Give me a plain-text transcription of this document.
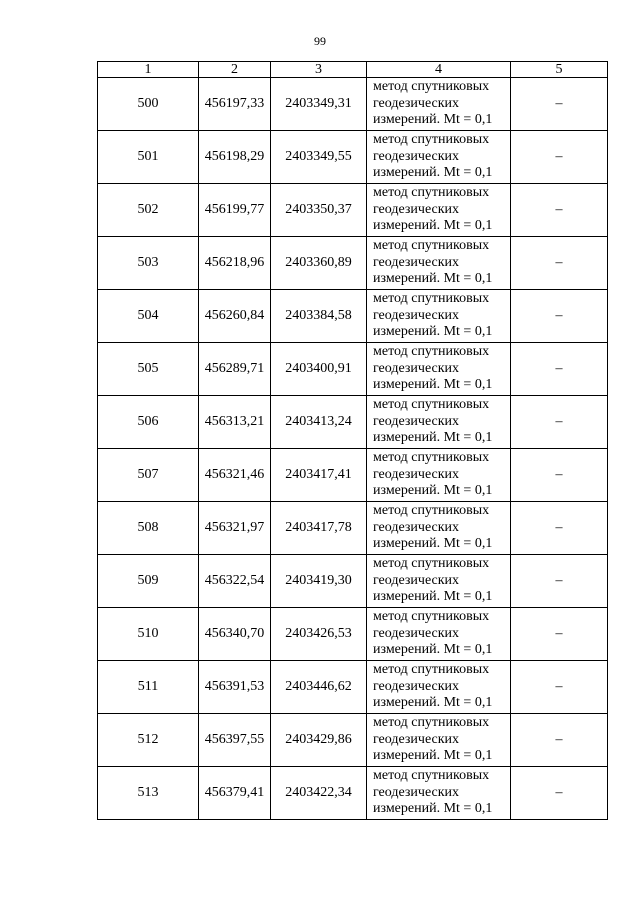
99
1	2	3	4	5
500	456197,33	2403349,31	метод спутниковых
геодезических
измерений. Mt = 0,1	–
501	456198,29	2403349,55	метод спутниковых
геодезических
измерений. Mt = 0,1	–
502	456199,77	2403350,37	метод спутниковых
геодезических
измерений. Mt = 0,1	–
503	456218,96	2403360,89	метод спутниковых
геодезических
измерений. Mt = 0,1	–
504	456260,84	2403384,58	метод спутниковых
геодезических
измерений. Mt = 0,1	–
505	456289,71	2403400,91	метод спутниковых
геодезических
измерений. Mt = 0,1	–
506	456313,21	2403413,24	метод спутниковых
геодезических
измерений. Mt = 0,1	–
507	456321,46	2403417,41	метод спутниковых
геодезических
измерений. Mt = 0,1	–
508	456321,97	2403417,78	метод спутниковых
геодезических
измерений. Mt = 0,1	–
509	456322,54	2403419,30	метод спутниковых
геодезических
измерений. Mt = 0,1	–
510	456340,70	2403426,53	метод спутниковых
геодезических
измерений. Mt = 0,1	–
511	456391,53	2403446,62	метод спутниковых
геодезических
измерений. Mt = 0,1	–
512	456397,55	2403429,86	метод спутниковых
геодезических
измерений. Mt = 0,1	–
513	456379,41	2403422,34	метод спутниковых
геодезических
измерений. Mt = 0,1	–
